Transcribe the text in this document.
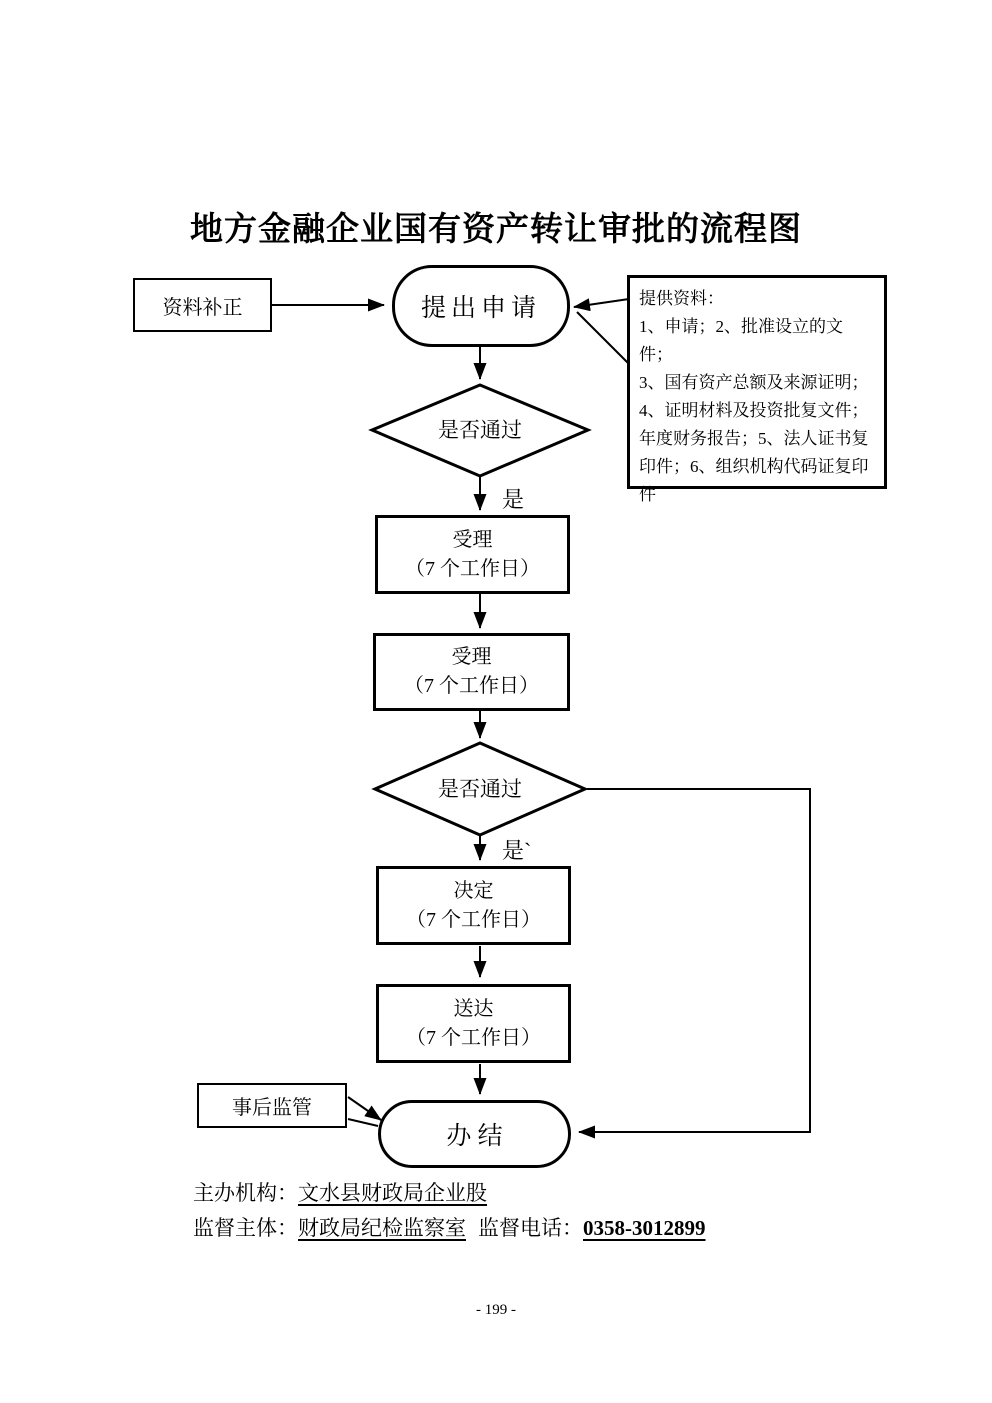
地方金融企业国有资产转让审批的流程图
资料补正	提出申请	提供资料：
1、申请；2、批准设立的文件；
3、国有资产总额及来源证明；
4、证明材料及投资批复文件；
年度财务报告；5、法人证书复
印件；6、组织机构代码证复印
件
是否通过
是
受理
（7 个工作日）
受理
（7 个工作日）
是否通过
是`
决定
（7 个工作日）
送达
（7 个工作日）
事后监管
办 结
主办机构：文水县财政局企业股
监督主体：财政局纪检监察室 监督电话：0358-3012899
- 199 -
